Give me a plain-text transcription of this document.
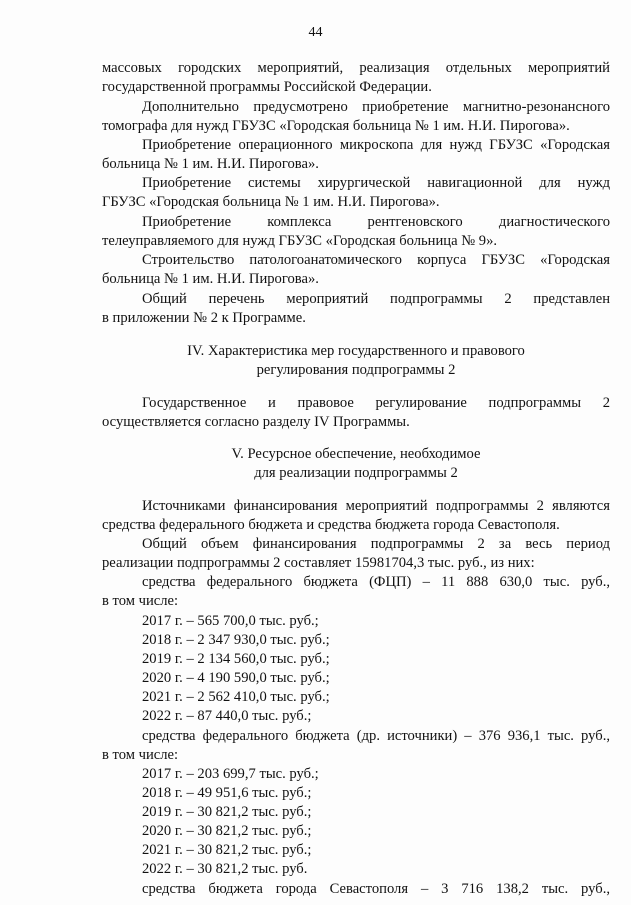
44
массовых городских мероприятий, реализация отдельных мероприятий
государственной программы Российской Федерации.
Дополнительно предусмотрено приобретение магнитно-резонансного
томографа для нужд ГБУЗС «Городская больница № 1 им. Н.И. Пирогова».
Приобретение операционного микроскопа для нужд ГБУЗС «Городская
больница № 1 им. Н.И. Пирогова».
Приобретение системы хирургической навигационной для нужд
ГБУЗС «Городская больница № 1 им. Н.И. Пирогова».
Приобретение комплекса рентгеновского диагностического
телеуправляемого для нужд ГБУЗС «Городская больница № 9».
Строительство патологоанатомического корпуса ГБУЗС «Городская
больница № 1 им. Н.И. Пирогова».
Общий перечень мероприятий подпрограммы 2 представлен
в приложении № 2 к Программе.
IV. Характеристика мер государственного и правового
регулирования подпрограммы 2
Государственное и правовое регулирование подпрограммы 2
осуществляется согласно разделу IV Программы.
V. Ресурсное обеспечение, необходимое
для реализации подпрограммы 2
Источниками финансирования мероприятий подпрограммы 2 являются
средства федерального бюджета и средства бюджета города Севастополя.
Общий объем финансирования подпрограммы 2 за весь период
реализации подпрограммы 2 составляет 15981704,3 тыс. руб., из них:
средства федерального бюджета (ФЦП) – 11 888 630,0 тыс. руб.,
в том числе:
2017 г. – 565 700,0 тыс. руб.;
2018 г. – 2 347 930,0 тыс. руб.;
2019 г. – 2 134 560,0 тыс. руб.;
2020 г. – 4 190 590,0 тыс. руб.;
2021 г. – 2 562 410,0 тыс. руб.;
2022 г. – 87 440,0 тыс. руб.;
средства федерального бюджета (др. источники) – 376 936,1 тыс. руб.,
в том числе:
2017 г. – 203 699,7 тыс. руб.;
2018 г. – 49 951,6 тыс. руб.;
2019 г. – 30 821,2 тыс. руб.;
2020 г. – 30 821,2 тыс. руб.;
2021 г. – 30 821,2 тыс. руб.;
2022 г. – 30 821,2 тыс. руб.
средства бюджета города Севастополя – 3 716 138,2 тыс. руб.,
